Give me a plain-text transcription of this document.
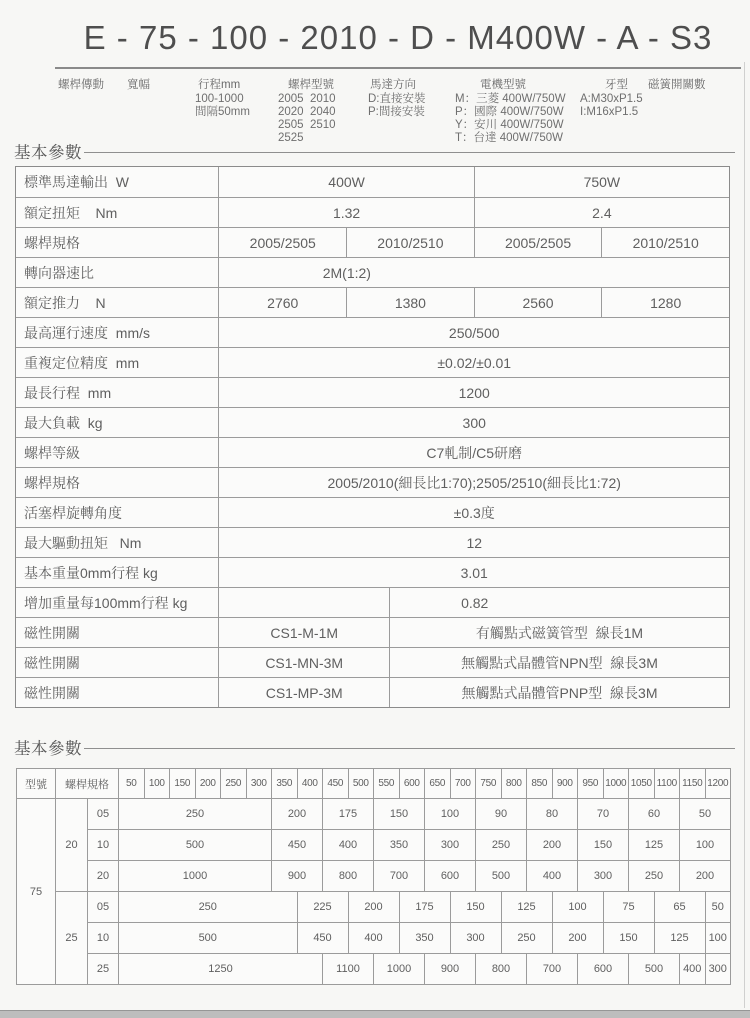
E - 75 - 100 - 2010 - D - M400W - A - S3
螺桿傳動 寬幅	行程mm
100-1000
間隔50mm
螺桿型號
2005  2010
2020  2040
2505  2510
2525
馬達方向
D:直接安裝
P:間接安裝
電機型號
M：三菱 400W/750W
P：國際 400W/750W
Y：安川 400W/750W
T：台達 400W/750W
牙型
A:M30xP1.5
I:M16xP1.5
磁簧開關數
基本參數
標準馬達輸出  W	400W	750W
額定扭矩    Nm	1.32	2.4
螺桿規格	2005/2505	2010/2510	2005/2505	2010/2510
轉向器速比	2M(1:2)
額定推力    N	2760	1380	2560	1280
最高運行速度  mm/s	250/500
重複定位精度  mm	±0.02/±0.01
最長行程  mm	1200
最大負載  kg	300
螺桿等級	C7軋制/C5研磨
螺桿規格	2005/2010(細長比1:70);2505/2510(細長比1:72)
活塞桿旋轉角度	±0.3度
最大驅動扭矩   Nm	12
基本重量0mm行程 kg	3.01
增加重量每100mm行程 kg	0.82
磁性開關	CS1-M-1M	有觸點式磁簧管型  線長1M
磁性開關	CS1-MN-3M	無觸點式晶體管NPN型  線長3M
磁性開關	CS1-MP-3M	無觸點式晶體管PNP型  線長3M
基本參數
型號	螺桿規格		50	100	150	200	250	300	350	400	450	500	550	600	650	700	750	800	850	900	950	1000	1050	1100	1150	1200
75	20	05	250						200		175		150		100		90		80		70		60		50	
		10	500						450		400		350		300		250		200		150		125		100	
		20	1000						900		800		700		600		500		400		300		250		200	
	25	05	250							225		200		175		150		125		100		75		65		50
		10	500							450		400		350		300		250		200		150		125		100
		25	1250								1100		1000		900		800		700		600		500		400	300
